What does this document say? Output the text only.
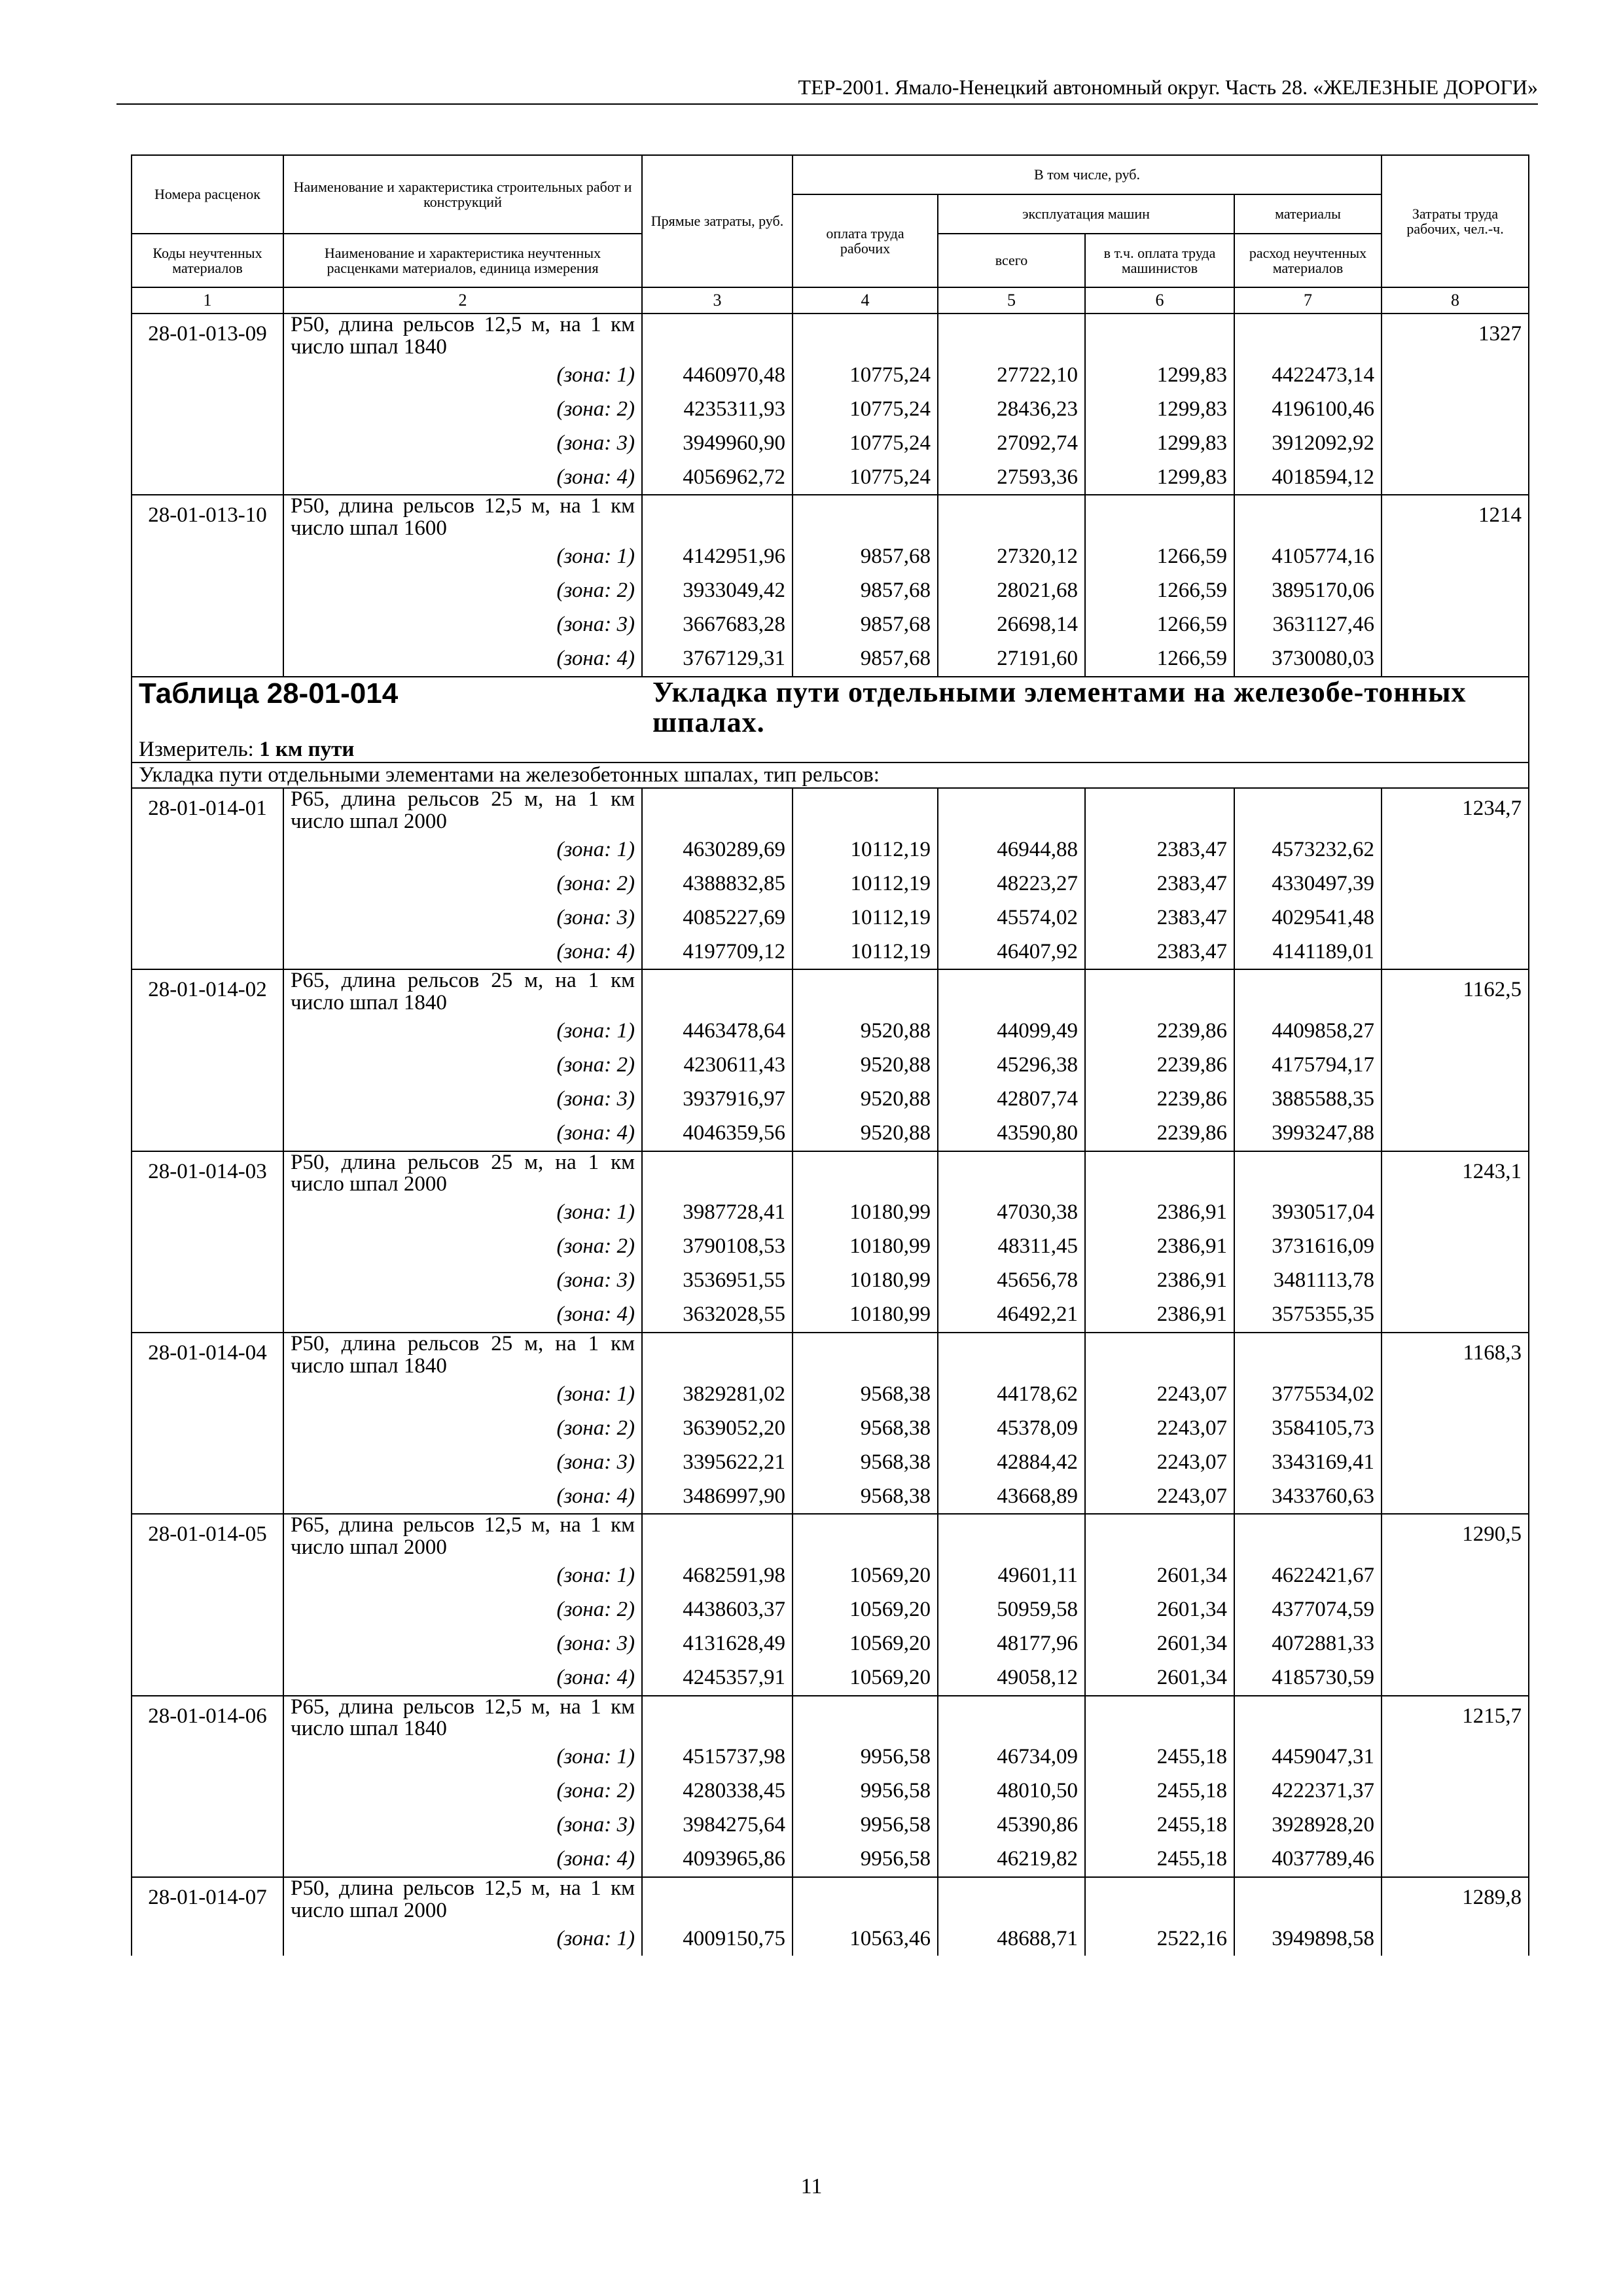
ТЕР-2001. Ямало-Ненецкий автономный округ. Часть 28. «ЖЕЛЕЗНЫЕ ДОРОГИ»
Номера расценок	Наименование и характеристика строительных работ и конструкций	Прямые затраты, руб.	В том числе, руб.				Затраты труда рабочих, чел.-ч.
			оплата труда рабочих	эксплуатация машин		материалы	
Коды неучтенных материалов	Наименование и характеристика неучтенных расценками материалов, единица измерения			всего	в т.ч. оплата труда машинистов	расход неучтенных материалов	
1	2	3	4	5	6	7	8
28-01-013-09	Р50, длина рельсов 12,5 м, на 1 км число шпал 1840						1327
	(зона: 1)	4460970,48	10775,24	27722,10	1299,83	4422473,14	
	(зона: 2)	4235311,93	10775,24	28436,23	1299,83	4196100,46	
	(зона: 3)	3949960,90	10775,24	27092,74	1299,83	3912092,92	
	(зона: 4)	4056962,72	10775,24	27593,36	1299,83	4018594,12	
28-01-013-10	Р50, длина рельсов 12,5 м, на 1 км число шпал 1600						1214
	(зона: 1)	4142951,96	9857,68	27320,12	1266,59	4105774,16	
	(зона: 2)	3933049,42	9857,68	28021,68	1266,59	3895170,06	
	(зона: 3)	3667683,28	9857,68	26698,14	1266,59	3631127,46	
	(зона: 4)	3767129,31	9857,68	27191,60	1266,59	3730080,03	

Таблица 28-01-014 Укладка пути отдельными элементами на железобе-тонных шпалах.							

Измеритель: 1 км пути							
Укладка пути отдельными элементами на железобетонных шпалах, тип рельсов:							
28-01-014-01	Р65, длина рельсов 25 м, на 1 км число шпал 2000						1234,7
	(зона: 1)	4630289,69	10112,19	46944,88	2383,47	4573232,62	
	(зона: 2)	4388832,85	10112,19	48223,27	2383,47	4330497,39	
	(зона: 3)	4085227,69	10112,19	45574,02	2383,47	4029541,48	
	(зона: 4)	4197709,12	10112,19	46407,92	2383,47	4141189,01	
28-01-014-02	Р65, длина рельсов 25 м, на 1 км число шпал 1840						1162,5
	(зона: 1)	4463478,64	9520,88	44099,49	2239,86	4409858,27	
	(зона: 2)	4230611,43	9520,88	45296,38	2239,86	4175794,17	
	(зона: 3)	3937916,97	9520,88	42807,74	2239,86	3885588,35	
	(зона: 4)	4046359,56	9520,88	43590,80	2239,86	3993247,88	
28-01-014-03	Р50, длина рельсов 25 м, на 1 км число шпал 2000						1243,1
	(зона: 1)	3987728,41	10180,99	47030,38	2386,91	3930517,04	
	(зона: 2)	3790108,53	10180,99	48311,45	2386,91	3731616,09	
	(зона: 3)	3536951,55	10180,99	45656,78	2386,91	3481113,78	
	(зона: 4)	3632028,55	10180,99	46492,21	2386,91	3575355,35	
28-01-014-04	Р50, длина рельсов 25 м, на 1 км число шпал 1840						1168,3
	(зона: 1)	3829281,02	9568,38	44178,62	2243,07	3775534,02	
	(зона: 2)	3639052,20	9568,38	45378,09	2243,07	3584105,73	
	(зона: 3)	3395622,21	9568,38	42884,42	2243,07	3343169,41	
	(зона: 4)	3486997,90	9568,38	43668,89	2243,07	3433760,63	
28-01-014-05	Р65, длина рельсов 12,5 м, на 1 км число шпал 2000						1290,5
	(зона: 1)	4682591,98	10569,20	49601,11	2601,34	4622421,67	
	(зона: 2)	4438603,37	10569,20	50959,58	2601,34	4377074,59	
	(зона: 3)	4131628,49	10569,20	48177,96	2601,34	4072881,33	
	(зона: 4)	4245357,91	10569,20	49058,12	2601,34	4185730,59	
28-01-014-06	Р65, длина рельсов 12,5 м, на 1 км число шпал 1840						1215,7
	(зона: 1)	4515737,98	9956,58	46734,09	2455,18	4459047,31	
	(зона: 2)	4280338,45	9956,58	48010,50	2455,18	4222371,37	
	(зона: 3)	3984275,64	9956,58	45390,86	2455,18	3928928,20	
	(зона: 4)	4093965,86	9956,58	46219,82	2455,18	4037789,46	
28-01-014-07	Р50, длина рельсов 12,5 м, на 1 км число шпал 2000						1289,8
	(зона: 1)	4009150,75	10563,46	48688,71	2522,16	3949898,58	
11
